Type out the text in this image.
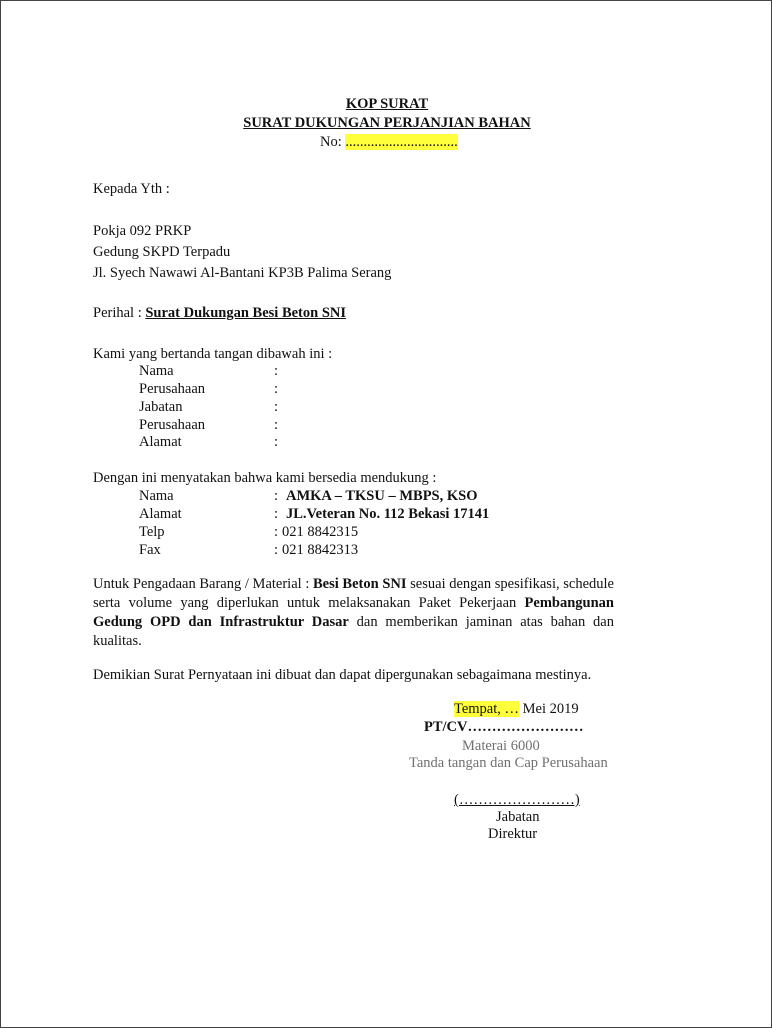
KOP SURAT
SURAT DUKUNGAN PERJANJIAN BAHAN
No: ...............................
Kepada Yth :
Pokja 092 PRKP
Gedung SKPD Terpadu
Jl. Syech Nawawi Al-Bantani KP3B Palima Serang
Perihal : Surat Dukungan Besi Beton SNI
Kami yang bertanda tangan dibawah ini :
Nama	:
Perusahaan	:
Jabatan	:
Perusahaan	:
Alamat	:
Dengan ini menyatakan bahwa kami bersedia mendukung :
Nama	: AMKA – TKSU – MBPS, KSO
Alamat	: JL.Veteran No. 112 Bekasi 17141
Telp	: 021 8842315
Fax	: 021 8842313
Untuk Pengadaan Barang / Material : Besi Beton SNI sesuai dengan spesifikasi, schedule serta volume yang diperlukan untuk melaksanakan Paket Pekerjaan Pembangunan Gedung OPD dan Infrastruktur Dasar dan memberikan jaminan atas bahan dan kualitas.
Demikian Surat Pernyataan ini dibuat dan dapat dipergunakan sebagaimana mestinya.
Tempat, … Mei 2019
PT/CV……………………
Materai 6000
Tanda tangan dan Cap Perusahaan
(……………………)
Jabatan
Direktur
